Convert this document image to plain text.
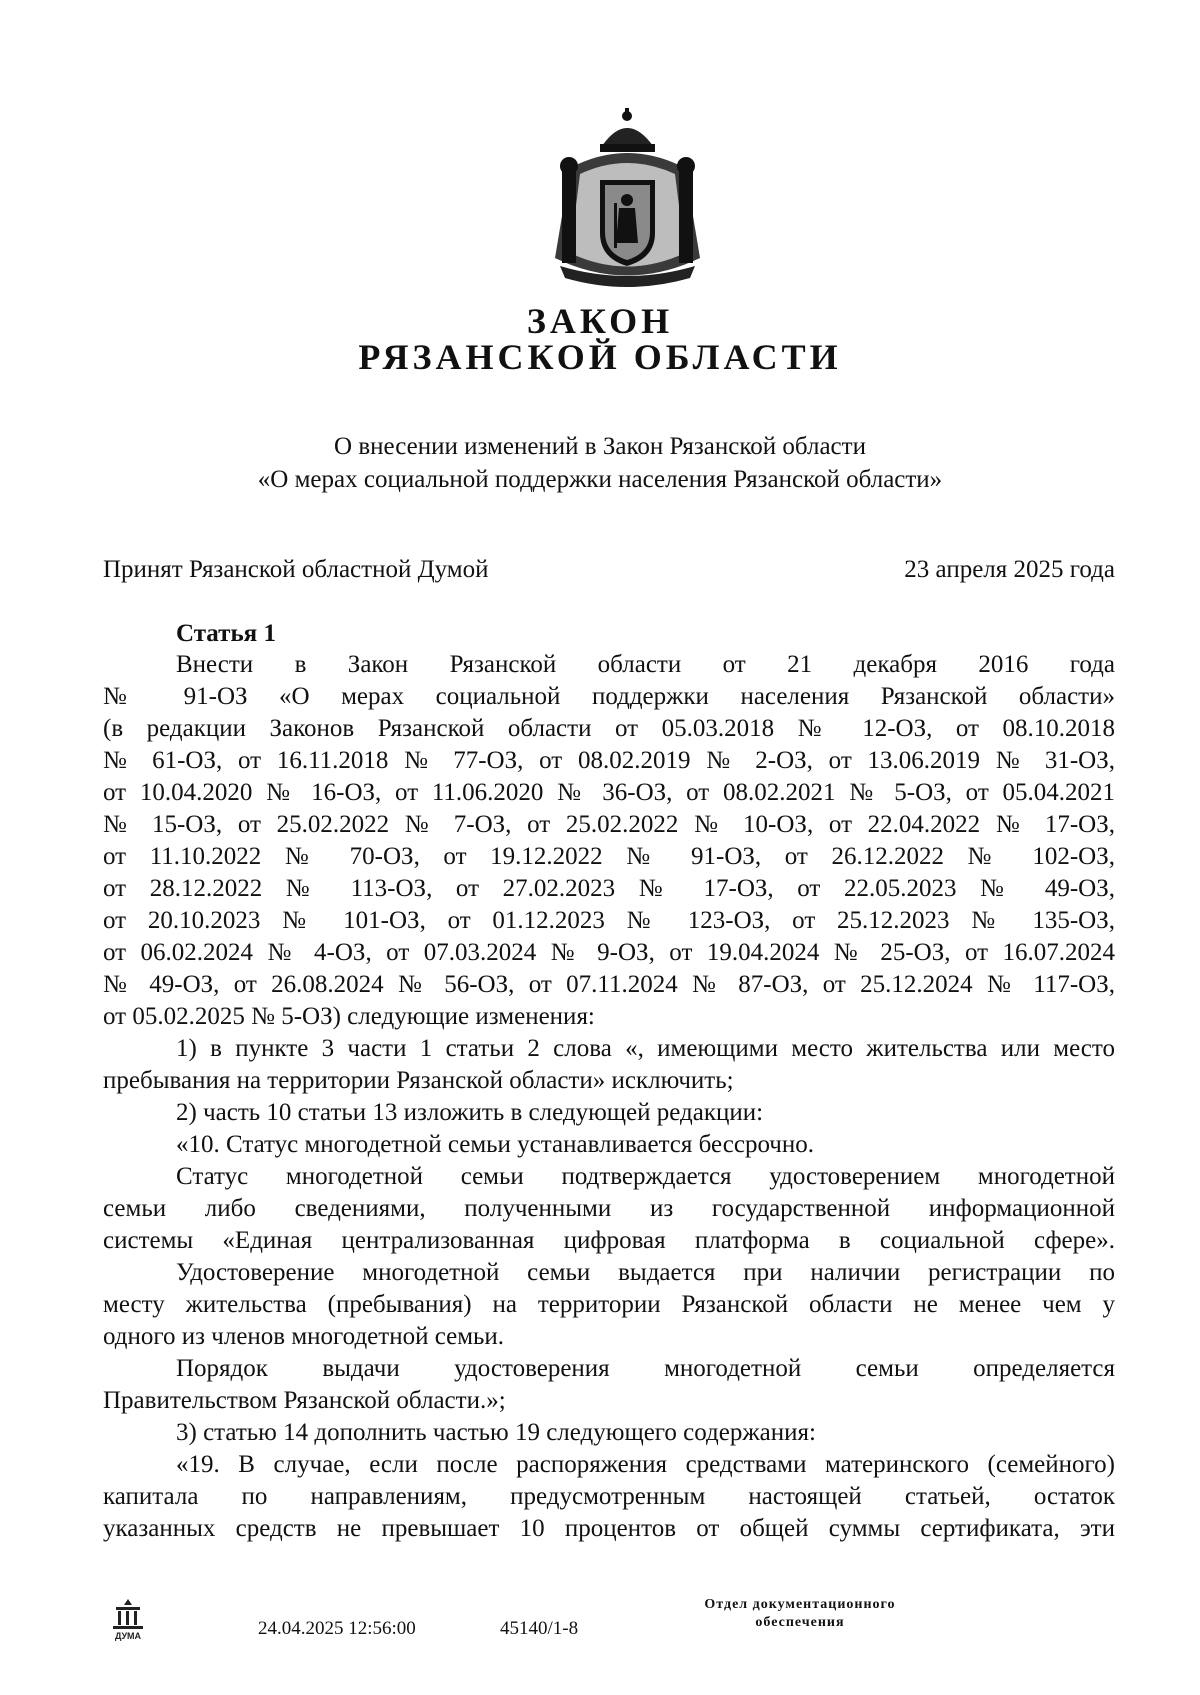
ЗАКОН
РЯЗАНСКОЙ ОБЛАСТИ
О внесении изменений в Закон Рязанской области
«О мерах социальной поддержки населения Рязанской области»
Принят Рязанской областной Думой	23 апреля 2025 года
Статья 1
Внести в Закон Рязанской области от 21 декабря 2016 года
№ 91-ОЗ «О мерах социальной поддержки населения Рязанской области»
(в редакции Законов Рязанской области от 05.03.2018 № 12-ОЗ, от 08.10.2018
№ 61-ОЗ, от 16.11.2018 № 77-ОЗ, от 08.02.2019 № 2-ОЗ, от 13.06.2019 № 31-ОЗ,
от 10.04.2020 № 16-ОЗ, от 11.06.2020 № 36-ОЗ, от 08.02.2021 № 5-ОЗ, от 05.04.2021
№ 15-ОЗ, от 25.02.2022 № 7-ОЗ, от 25.02.2022 № 10-ОЗ, от 22.04.2022 № 17-ОЗ,
от 11.10.2022 № 70-ОЗ, от 19.12.2022 № 91-ОЗ, от 26.12.2022 № 102-ОЗ,
от 28.12.2022 № 113-ОЗ, от 27.02.2023 № 17-ОЗ, от 22.05.2023 № 49-ОЗ,
от 20.10.2023 № 101-ОЗ, от 01.12.2023 № 123-ОЗ, от 25.12.2023 № 135-ОЗ,
от 06.02.2024 № 4-ОЗ, от 07.03.2024 № 9-ОЗ, от 19.04.2024 № 25-ОЗ, от 16.07.2024
№ 49-ОЗ, от 26.08.2024 № 56-ОЗ, от 07.11.2024 № 87-ОЗ, от 25.12.2024 № 117-ОЗ,
от 05.02.2025 № 5-ОЗ) следующие изменения:
1) в пункте 3 части 1 статьи 2 слова «, имеющими место жительства или место
пребывания на территории Рязанской области» исключить;
2) часть 10 статьи 13 изложить в следующей редакции:
«10. Статус многодетной семьи устанавливается бессрочно.
Статус многодетной семьи подтверждается удостоверением многодетной
семьи либо сведениями, полученными из государственной информационной
системы «Единая централизованная цифровая платформа в социальной сфере».
Удостоверение многодетной семьи выдается при наличии регистрации по
месту жительства (пребывания) на территории Рязанской области не менее чем у
одного из членов многодетной семьи.
Порядок выдачи удостоверения многодетной семьи определяется
Правительством Рязанской области.»;
3) статью 14 дополнить частью 19 следующего содержания:
«19. В случае, если после распоряжения средствами материнского (семейного)
капитала по направлениям, предусмотренным настоящей статьей, остаток
указанных средств не превышает 10 процентов от общей суммы сертификата, эти
ДУМА	24.04.2025 12:56:00	45140/1-8
Отдел документационного
обеспечения
